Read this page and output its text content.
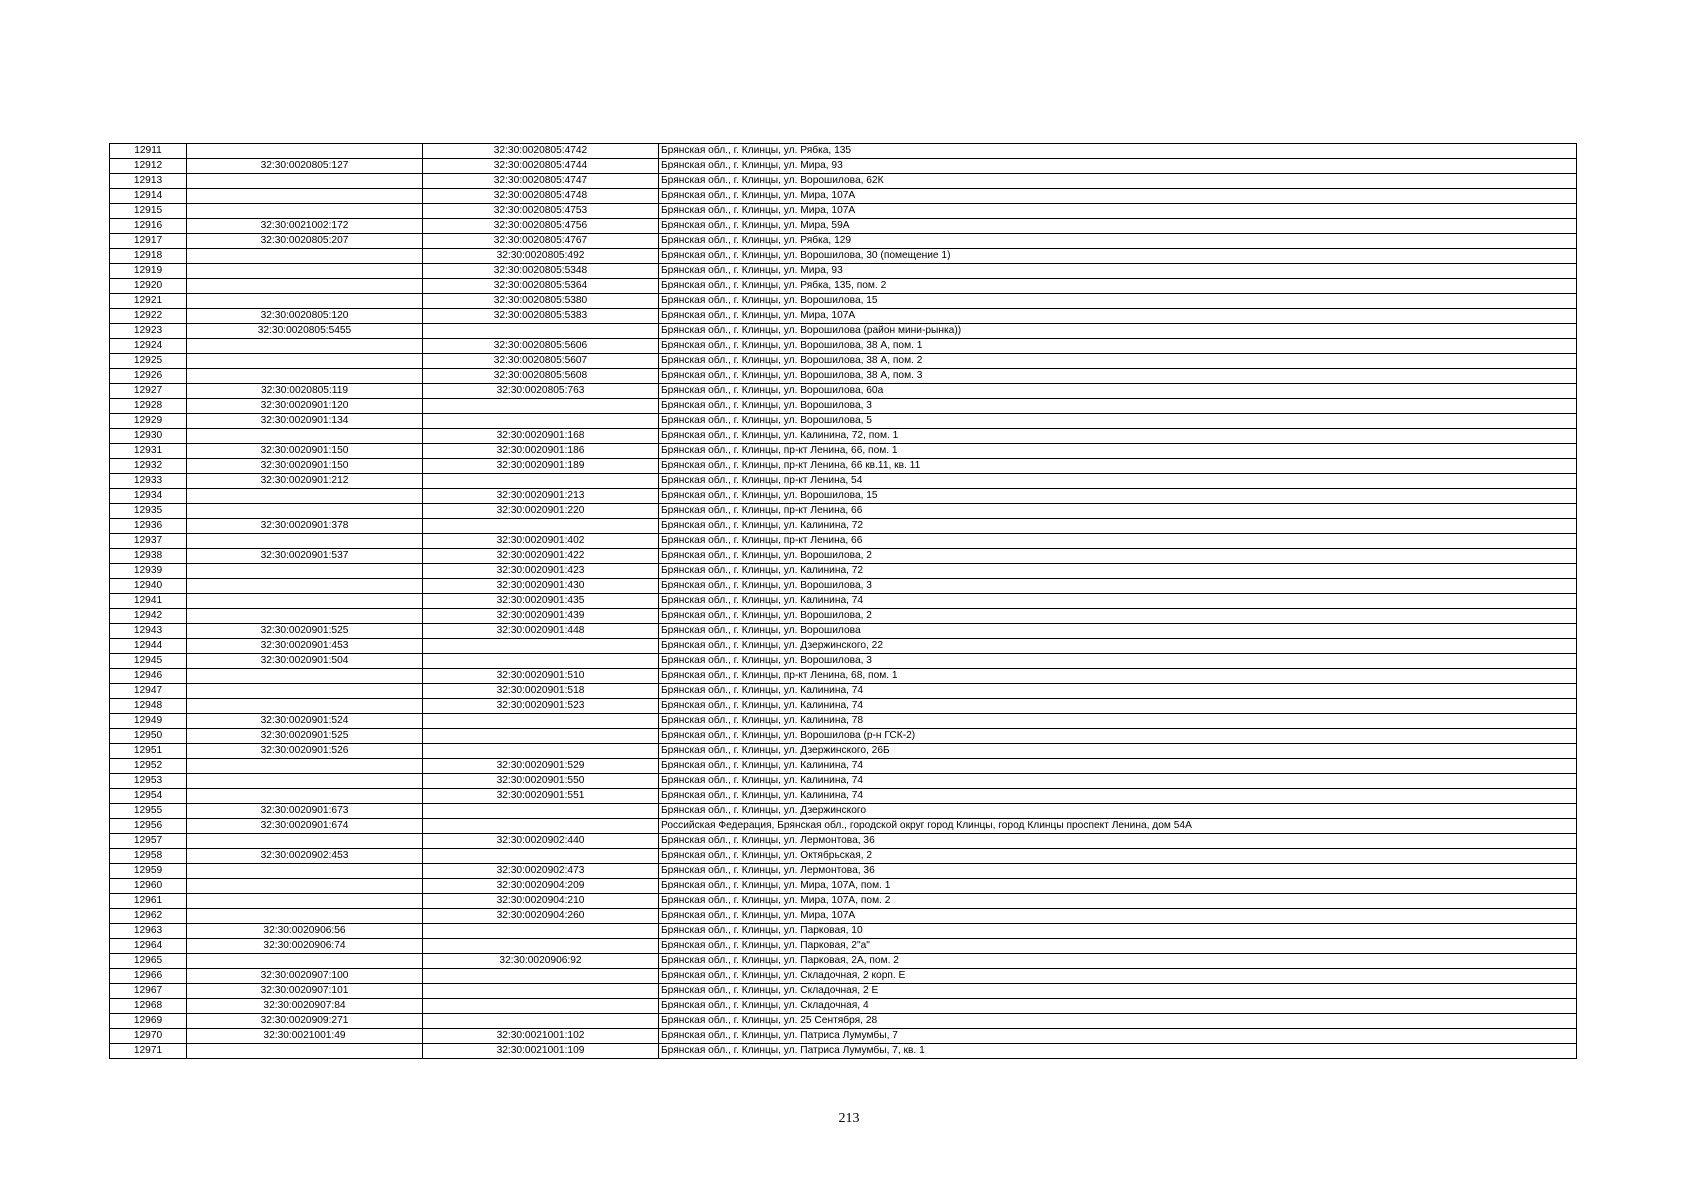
12911		32:30:0020805:4742	Брянская обл., г. Клинцы, ул. Рябка, 135
12912	32:30:0020805:127	32:30:0020805:4744	Брянская обл., г. Клинцы, ул. Мира, 93
12913		32:30:0020805:4747	Брянская обл., г. Клинцы, ул. Ворошилова, 62К
12914		32:30:0020805:4748	Брянская обл., г. Клинцы, ул. Мира, 107А
12915		32:30:0020805:4753	Брянская обл., г. Клинцы, ул. Мира, 107А
12916	32:30:0021002:172	32:30:0020805:4756	Брянская обл., г. Клинцы, ул. Мира, 59А
12917	32:30:0020805:207	32:30:0020805:4767	Брянская обл., г. Клинцы, ул. Рябка, 129
12918		32:30:0020805:492	Брянская обл., г. Клинцы, ул. Ворошилова, 30 (помещение 1)
12919		32:30:0020805:5348	Брянская обл., г. Клинцы, ул. Мира, 93
12920		32:30:0020805:5364	Брянская обл., г. Клинцы, ул. Рябка, 135, пом. 2
12921		32:30:0020805:5380	Брянская обл., г. Клинцы, ул. Ворошилова, 15
12922	32:30:0020805:120	32:30:0020805:5383	Брянская обл., г. Клинцы, ул. Мира, 107А
12923	32:30:0020805:5455		Брянская обл., г. Клинцы, ул. Ворошилова (район мини-рынка))
12924		32:30:0020805:5606	Брянская обл., г. Клинцы, ул. Ворошилова, 38 А, пом. 1
12925		32:30:0020805:5607	Брянская обл., г. Клинцы, ул. Ворошилова, 38 А, пом. 2
12926		32:30:0020805:5608	Брянская обл., г. Клинцы, ул. Ворошилова, 38 А, пом. 3
12927	32:30:0020805:119	32:30:0020805:763	Брянская обл., г. Клинцы, ул. Ворошилова, 60а
12928	32:30:0020901:120		Брянская обл., г. Клинцы, ул. Ворошилова, 3
12929	32:30:0020901:134		Брянская обл., г. Клинцы, ул. Ворошилова, 5
12930		32:30:0020901:168	Брянская обл., г. Клинцы, ул. Калинина, 72, пом. 1
12931	32:30:0020901:150	32:30:0020901:186	Брянская обл., г. Клинцы, пр-кт Ленина, 66, пом. 1
12932	32:30:0020901:150	32:30:0020901:189	Брянская обл., г. Клинцы, пр-кт Ленина, 66 кв.11, кв. 11
12933	32:30:0020901:212		Брянская обл., г. Клинцы, пр-кт Ленина, 54
12934		32:30:0020901:213	Брянская обл., г. Клинцы, ул. Ворошилова, 15
12935		32:30:0020901:220	Брянская обл., г. Клинцы, пр-кт Ленина, 66
12936	32:30:0020901:378		Брянская обл., г. Клинцы, ул. Калинина, 72
12937		32:30:0020901:402	Брянская обл., г. Клинцы, пр-кт Ленина, 66
12938	32:30:0020901:537	32:30:0020901:422	Брянская обл., г. Клинцы, ул. Ворошилова, 2
12939		32:30:0020901:423	Брянская обл., г. Клинцы, ул. Калинина, 72
12940		32:30:0020901:430	Брянская обл., г. Клинцы, ул. Ворошилова, 3
12941		32:30:0020901:435	Брянская обл., г. Клинцы, ул. Калинина, 74
12942		32:30:0020901:439	Брянская обл., г. Клинцы, ул. Ворошилова, 2
12943	32:30:0020901:525	32:30:0020901:448	Брянская обл., г. Клинцы, ул. Ворошилова
12944	32:30:0020901:453		Брянская обл., г. Клинцы, ул. Дзержинского, 22
12945	32:30:0020901:504		Брянская обл., г. Клинцы, ул. Ворошилова, 3
12946		32:30:0020901:510	Брянская обл., г. Клинцы, пр-кт Ленина, 68, пом. 1
12947		32:30:0020901:518	Брянская обл., г. Клинцы, ул. Калинина, 74
12948		32:30:0020901:523	Брянская обл., г. Клинцы, ул. Калинина, 74
12949	32:30:0020901:524		Брянская обл., г. Клинцы, ул. Калинина, 78
12950	32:30:0020901:525		Брянская обл., г. Клинцы, ул. Ворошилова (р-н ГСК-2)
12951	32:30:0020901:526		Брянская обл., г. Клинцы, ул. Дзержинского, 26Б
12952		32:30:0020901:529	Брянская обл., г. Клинцы, ул. Калинина, 74
12953		32:30:0020901:550	Брянская обл., г. Клинцы, ул. Калинина, 74
12954		32:30:0020901:551	Брянская обл., г. Клинцы, ул. Калинина, 74
12955	32:30:0020901:673		Брянская обл., г. Клинцы, ул. Дзержинского
12956	32:30:0020901:674		Российская Федерация, Брянская обл., городской округ город Клинцы, город Клинцы проспект Ленина, дом 54А
12957		32:30:0020902:440	Брянская обл., г. Клинцы, ул. Лермонтова, 36
12958	32:30:0020902:453		Брянская обл., г. Клинцы, ул. Октябрьская, 2
12959		32:30:0020902:473	Брянская обл., г. Клинцы, ул. Лермонтова, 36
12960		32:30:0020904:209	Брянская обл., г. Клинцы, ул. Мира, 107А, пом. 1
12961		32:30:0020904:210	Брянская обл., г. Клинцы, ул. Мира, 107А, пом. 2
12962		32:30:0020904:260	Брянская обл., г. Клинцы, ул. Мира, 107А
12963	32:30:0020906:56		Брянская обл., г. Клинцы, ул. Парковая, 10
12964	32:30:0020906:74		Брянская обл., г. Клинцы, ул. Парковая, 2"а"
12965		32:30:0020906:92	Брянская обл., г. Клинцы, ул. Парковая, 2А, пом. 2
12966	32:30:0020907:100		Брянская обл., г. Клинцы, ул. Складочная, 2 корп. Е
12967	32:30:0020907:101		Брянская обл., г. Клинцы, ул. Складочная, 2 Е
12968	32:30:0020907:84		Брянская обл., г. Клинцы, ул. Складочная, 4
12969	32:30:0020909:271		Брянская обл., г. Клинцы, ул. 25 Сентября, 28
12970	32:30:0021001:49	32:30:0021001:102	Брянская обл., г. Клинцы, ул. Патриса Лумумбы, 7
12971		32:30:0021001:109	Брянская обл., г. Клинцы, ул. Патриса Лумумбы, 7, кв. 1
213
